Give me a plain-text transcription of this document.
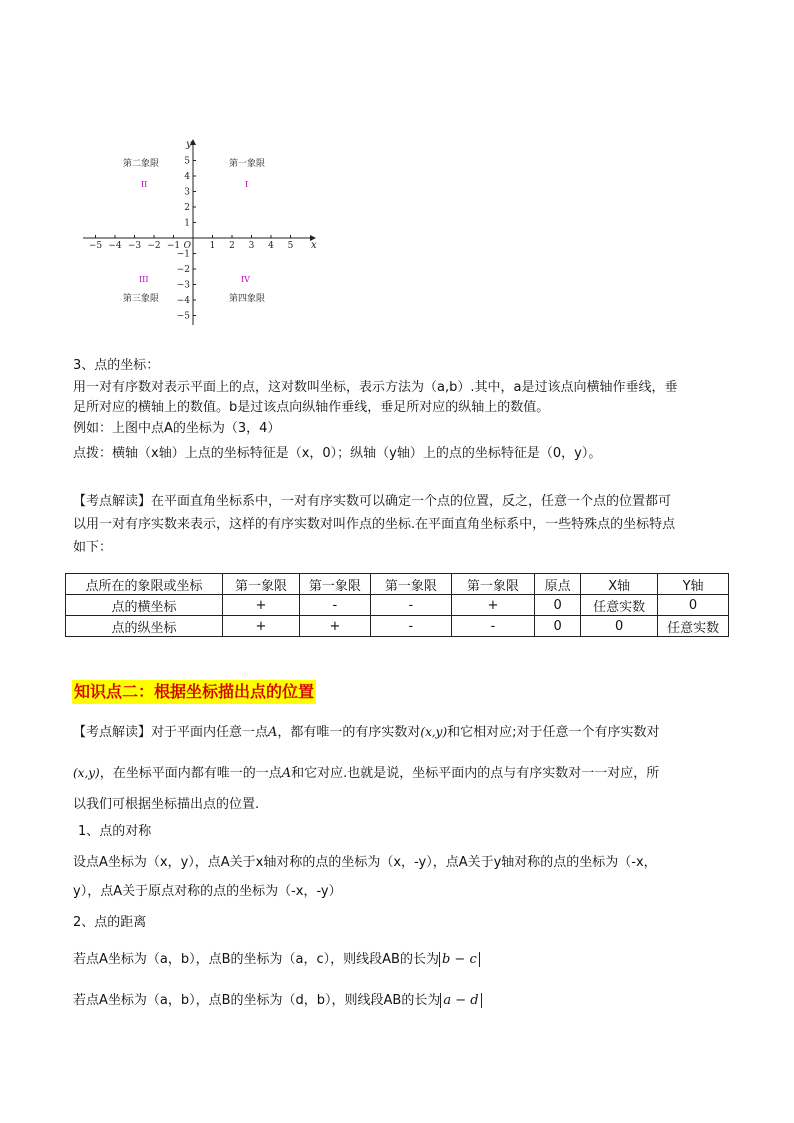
−5 −4 −3 −2 −1	1 2 3 4 5
5
4
3
2
1
−1
−2
−3
−4
−5
O	x
y
第二象限	第一象限
第三象限	第四象限
II	I
III	IV
3、点的坐标：
用一对有序数对表示平面上的点，这对数叫坐标，表示方法为（a,b）.其中，a是过该点向横轴作垂线，垂
足所对应的横轴上的数值。b是过该点向纵轴作垂线，垂足所对应的纵轴上的数值。
例如：上图中点A的坐标为（3，4）
点拨：横轴（x轴）上点的坐标特征是（x，0）；纵轴（y轴）上的点的坐标特征是（0，y）。
【考点解读】在平面直角坐标系中，一对有序实数可以确定一个点的位置，反之，任意一个点的位置都可
以用一对有序实数来表示，这样的有序实数对叫作点的坐标.在平面直角坐标系中，一些特殊点的坐标特点
如下：
点所在的象限或坐标	第一象限	第一象限	第一象限	第一象限	原点	X轴	Y轴
点的横坐标	+	-	-	+	0	任意实数	0
点的纵坐标	+	+	-	-	0	0	任意实数
知识点二：根据坐标描出点的位置
【考点解读】对于平面内任意一点A，都有唯一的有序实数对(x,y)和它相对应;对于任意一个有序实数对
(x,y)，在坐标平面内都有唯一的一点A和它对应.也就是说，坐标平面内的点与有序实数对一一对应，所
以我们可根据坐标描出点的位置.
1、点的对称
设点A坐标为（x，y），点A关于x轴对称的点的坐标为（x，-y），点A关于y轴对称的点的坐标为（-x，
y），点A关于原点对称的点的坐标为（-x，-y）
2、点的距离
若点A坐标为（a，b），点B的坐标为（a，c），则线段AB的长为 b − c
若点A坐标为（a，b），点B的坐标为（d，b），则线段AB的长为 a − d
